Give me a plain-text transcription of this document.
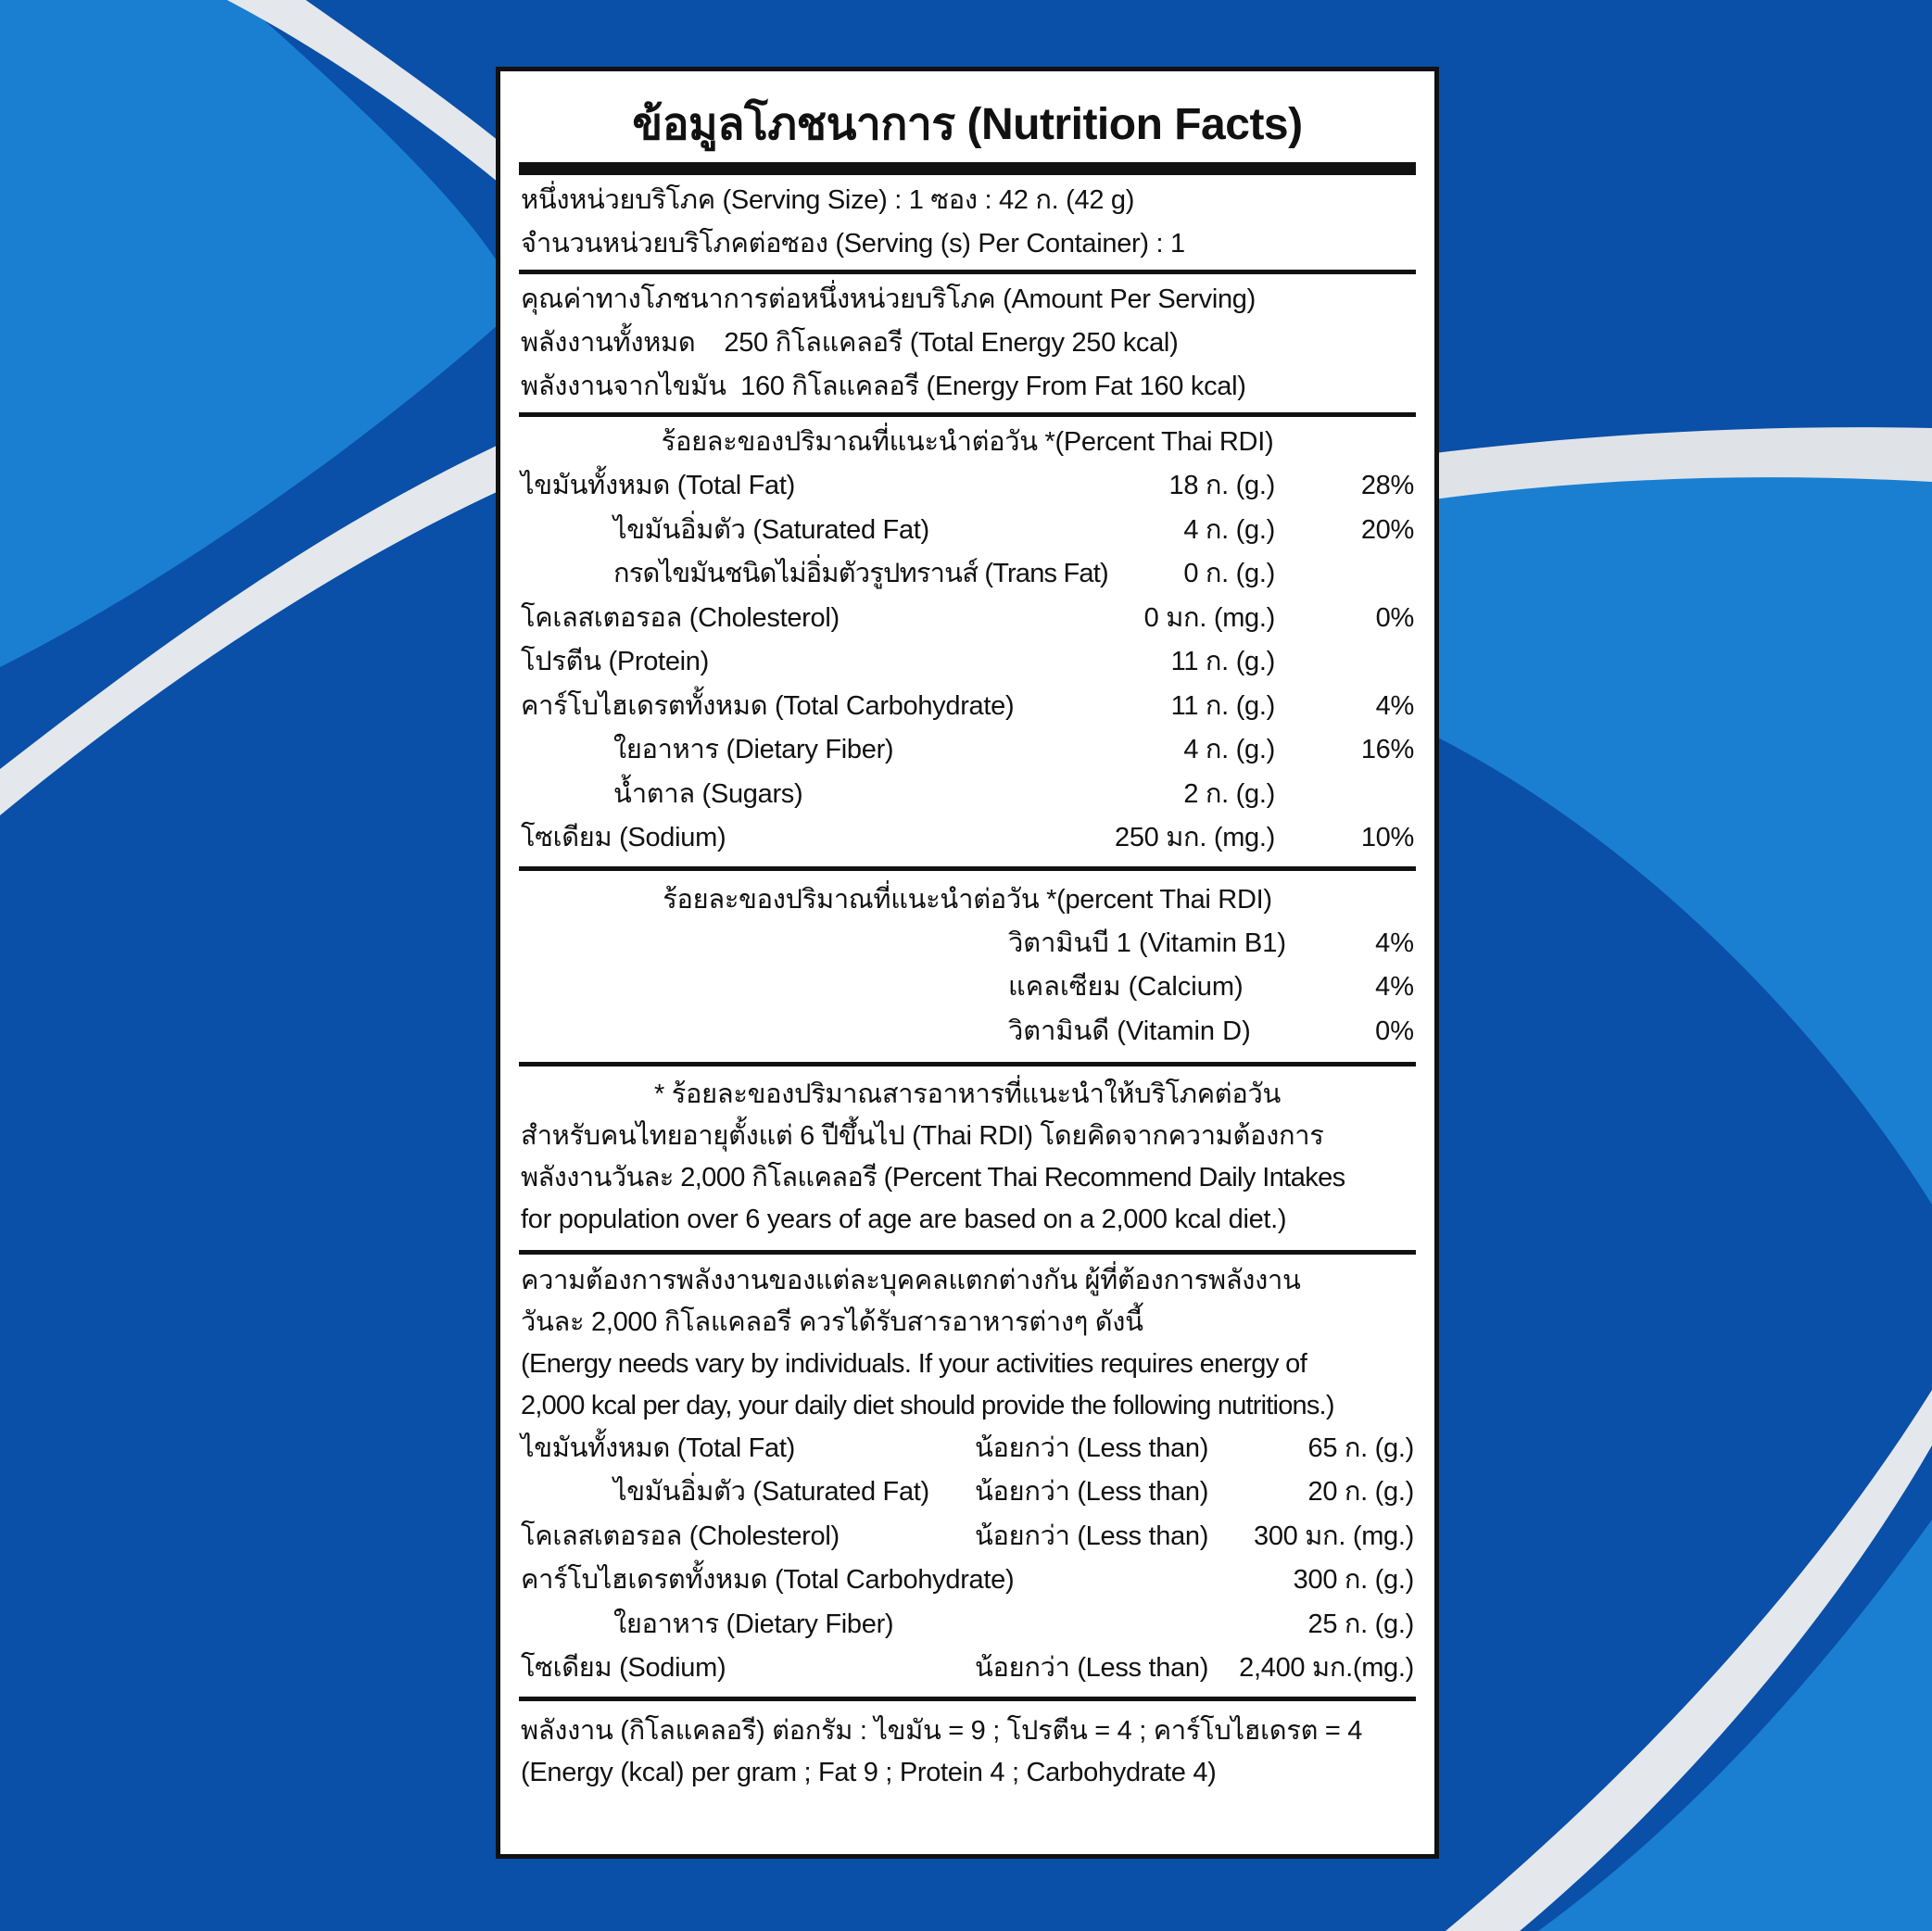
ข้อมูลโภชนาการ (Nutrition Facts)
หนึ่งหน่วยบริโภค (Serving Size) : 1 ซอง : 42 ก. (42 g)
จำนวนหน่วยบริโภคต่อซอง (Serving (s) Per Container) : 1
คุณค่าทางโภชนาการต่อหนึ่งหน่วยบริโภค (Amount Per Serving)
พลังงานทั้งหมด    250 กิโลแคลอรี (Total Energy 250 kcal)
พลังงานจากไขมัน  160 กิโลแคลอรี (Energy From Fat 160 kcal)
ร้อยละของปริมาณที่แนะนำต่อวัน *(Percent Thai RDI)
ไขมันทั้งหมด (Total Fat)	18 ก. (g.)	28%
ไขมันอิ่มตัว (Saturated Fat)	4 ก. (g.)	20%
กรดไขมันชนิดไม่อิ่มตัวรูปทรานส์ (Trans Fat)	0 ก. (g.)
โคเลสเตอรอล (Cholesterol)	0 มก. (mg.)	0%
โปรตีน (Protein)	11 ก. (g.)
คาร์โบไฮเดรตทั้งหมด (Total Carbohydrate)	11 ก. (g.)	4%
ใยอาหาร (Dietary Fiber)	4 ก. (g.)	16%
น้ำตาล (Sugars)	2 ก. (g.)
โซเดียม (Sodium)	250 มก. (mg.)	10%
ร้อยละของปริมาณที่แนะนำต่อวัน *(percent Thai RDI)
วิตามินบี 1 (Vitamin B1)	4%
แคลเซียม (Calcium)	4%
วิตามินดี (Vitamin D)	0%
* ร้อยละของปริมาณสารอาหารที่แนะนำให้บริโภคต่อวัน
สำหรับคนไทยอายุตั้งแต่ 6 ปีขึ้นไป (Thai RDI) โดยคิดจากความต้องการ
พลังงานวันละ 2,000 กิโลแคลอรี (Percent Thai Recommend Daily Intakes
for population over 6 years of age are based on a 2,000 kcal diet.)
ความต้องการพลังงานของแต่ละบุคคลแตกต่างกัน ผู้ที่ต้องการพลังงาน
วันละ 2,000 กิโลแคลอรี ควรได้รับสารอาหารต่างๆ ดังนี้
(Energy needs vary by individuals. If your activities requires energy of
2,000 kcal per day, your daily diet should provide the following nutritions.)
ไขมันทั้งหมด (Total Fat)	น้อยกว่า (Less than)	65 ก. (g.)
ไขมันอิ่มตัว (Saturated Fat) น้อยกว่า (Less than)	20 ก. (g.)
โคเลสเตอรอล (Cholesterol)	น้อยกว่า (Less than) 300 มก. (mg.)
คาร์โบไฮเดรตทั้งหมด (Total Carbohydrate)	300 ก. (g.)
ใยอาหาร (Dietary Fiber)	25 ก. (g.)
โซเดียม (Sodium)	น้อยกว่า (Less than) 2,400 มก.(mg.)
พลังงาน (กิโลแคลอรี) ต่อกรัม : ไขมัน = 9 ; โปรตีน = 4 ; คาร์โบไฮเดรต = 4
(Energy (kcal) per gram ; Fat 9 ; Protein 4 ; Carbohydrate 4)
